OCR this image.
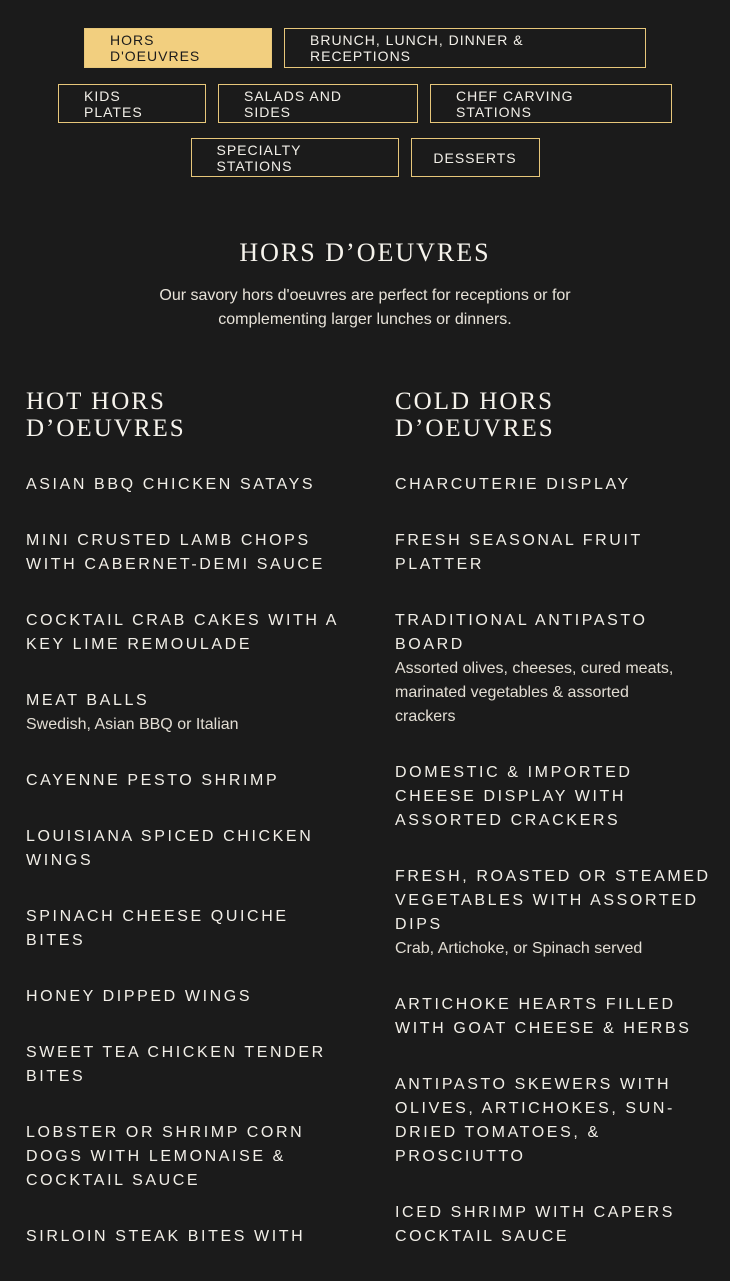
HORS D'OEUVRES
BRUNCH, LUNCH, DINNER & RECEPTIONS
KIDS PLATES
SALADS AND SIDES
CHEF CARVING STATIONS
SPECIALTY STATIONS	DESSERTS
HORS D’OEUVRES

Our savory hors d'oeuvres are perfect for receptions or for
complementing larger lunches or dinners.

HOT HORS
D’OEUVRES
ASIAN BBQ CHICKEN SATAYS
MINI CRUSTED LAMB CHOPS
WITH CABERNET-DEMI SAUCE
COCKTAIL CRAB CAKES WITH A
KEY LIME REMOULADE
MEAT BALLS
Swedish, Asian BBQ or Italian
CAYENNE PESTO SHRIMP
LOUISIANA SPICED CHICKEN
WINGS
SPINACH CHEESE QUICHE
BITES
HONEY DIPPED WINGS
SWEET TEA CHICKEN TENDER
BITES
LOBSTER OR SHRIMP CORN
DOGS WITH LEMONAISE &
COCKTAIL SAUCE
SIRLOIN STEAK BITES WITH
COLD HORS
D’OEUVRES
CHARCUTERIE DISPLAY
FRESH SEASONAL FRUIT
PLATTER
TRADITIONAL ANTIPASTO
BOARD
Assorted olives, cheeses, cured meats,
marinated vegetables & assorted
crackers
DOMESTIC & IMPORTED
CHEESE DISPLAY WITH
ASSORTED CRACKERS
FRESH, ROASTED OR STEAMED
VEGETABLES WITH ASSORTED
DIPS
Crab, Artichoke, or Spinach served
ARTICHOKE HEARTS FILLED
WITH GOAT CHEESE & HERBS
ANTIPASTO SKEWERS WITH
OLIVES, ARTICHOKES, SUN-
DRIED TOMATOES, &
PROSCIUTTO
ICED SHRIMP WITH CAPERS
COCKTAIL SAUCE
